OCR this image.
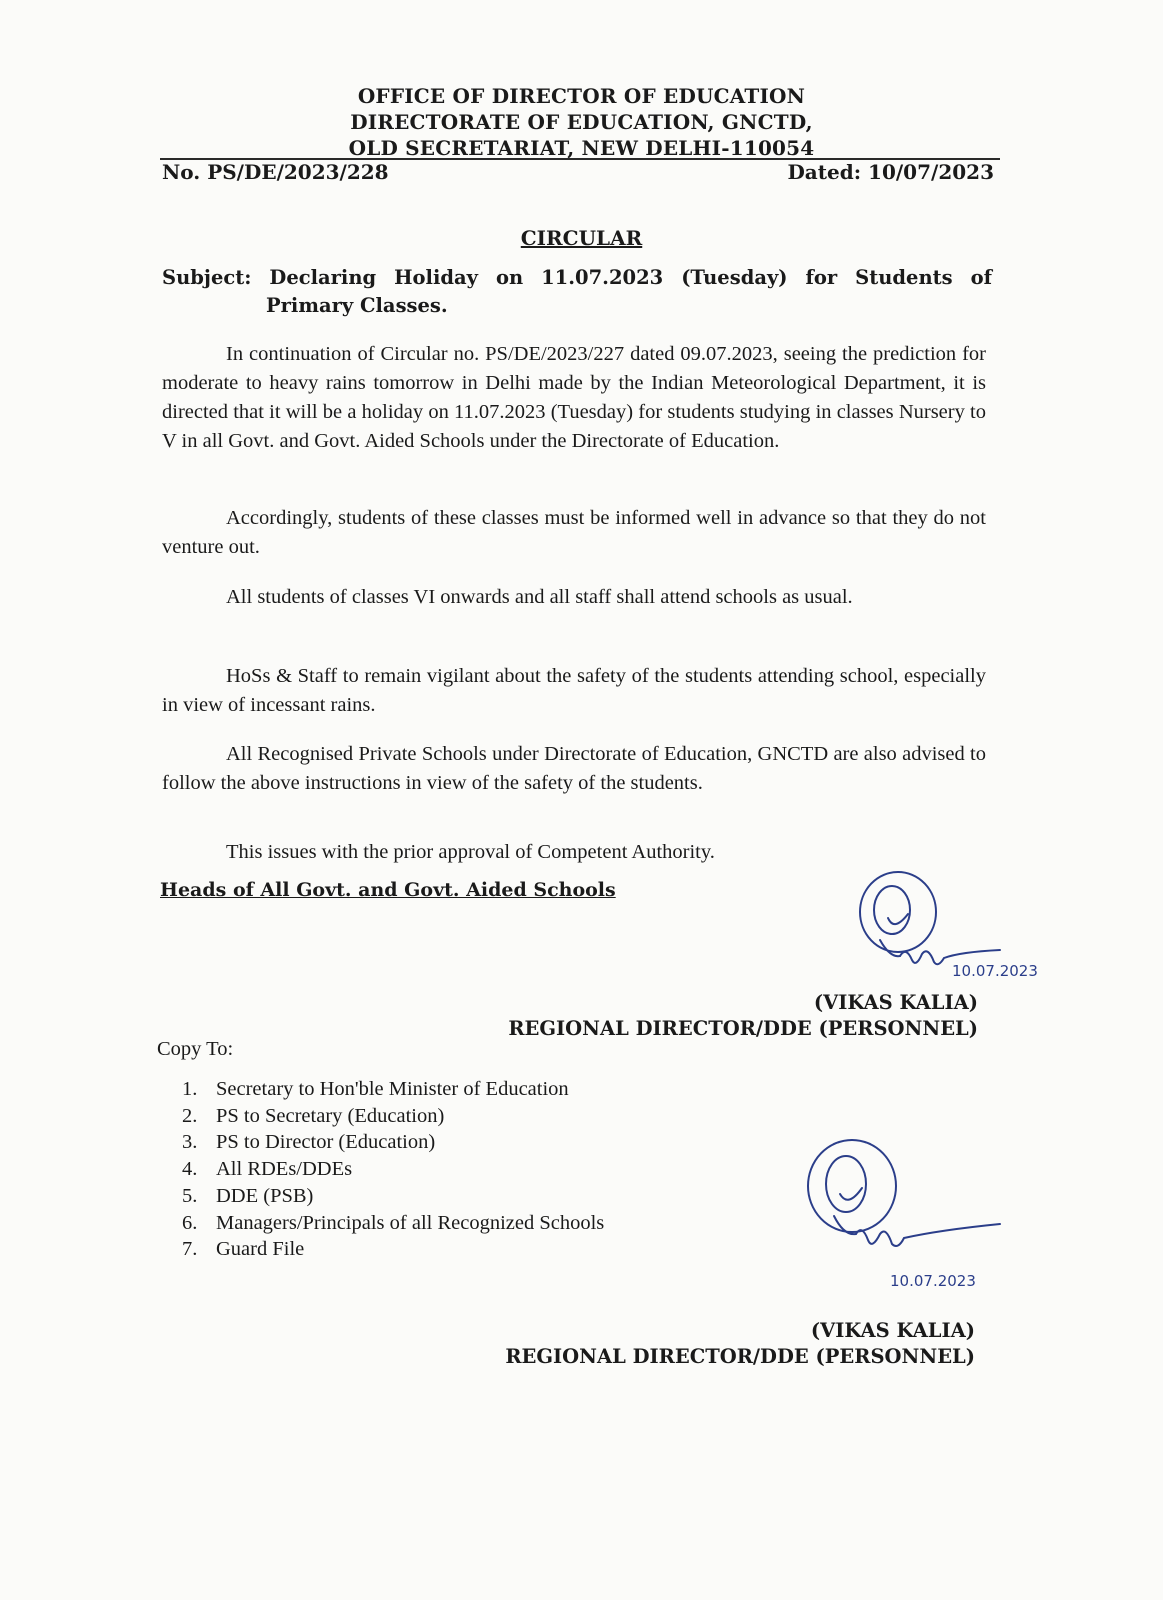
OFFICE OF DIRECTOR OF EDUCATION

DIRECTORATE OF EDUCATION, GNCTD,

OLD SECRETARIAT, NEW DELHI-110054

No. PS/DE/2023/228	Dated: 10/07/2023

CIRCULAR

Subject: Declaring Holiday on 11.07.2023 (Tuesday) for Students of
Primary Classes.

In continuation of Circular no. PS/DE/2023/227 dated 09.07.2023, seeing the prediction for moderate to heavy rains tomorrow in Delhi made by the Indian Meteorological Department, it is directed that it will be a holiday on 11.07.2023 (Tuesday) for students studying in classes Nursery to V in all Govt. and Govt. Aided Schools under the Directorate of Education.

Accordingly, students of these classes must be informed well in advance so that they do not venture out.

All students of classes VI onwards and all staff shall attend schools as usual.

HoSs & Staff to remain vigilant about the safety of the students attending school, especially in view of incessant rains.

All Recognised Private Schools under Directorate of Education, GNCTD are also advised to follow the above instructions in view of the safety of the students.

This issues with the prior approval of Competent Authority.

Heads of All Govt. and Govt. Aided Schools

10.07.2023
(VIKAS KALIA)
REGIONAL DIRECTOR/DDE (PERSONNEL)

Copy To:

1. Secretary to Hon'ble Minister of Education
2. PS to Secretary (Education)
3. PS to Director (Education)
4. All RDEs/DDEs
5. DDE (PSB)
6. Managers/Principals of all Recognized Schools
7. Guard File
10.07.2023
(VIKAS KALIA)
REGIONAL DIRECTOR/DDE (PERSONNEL)
